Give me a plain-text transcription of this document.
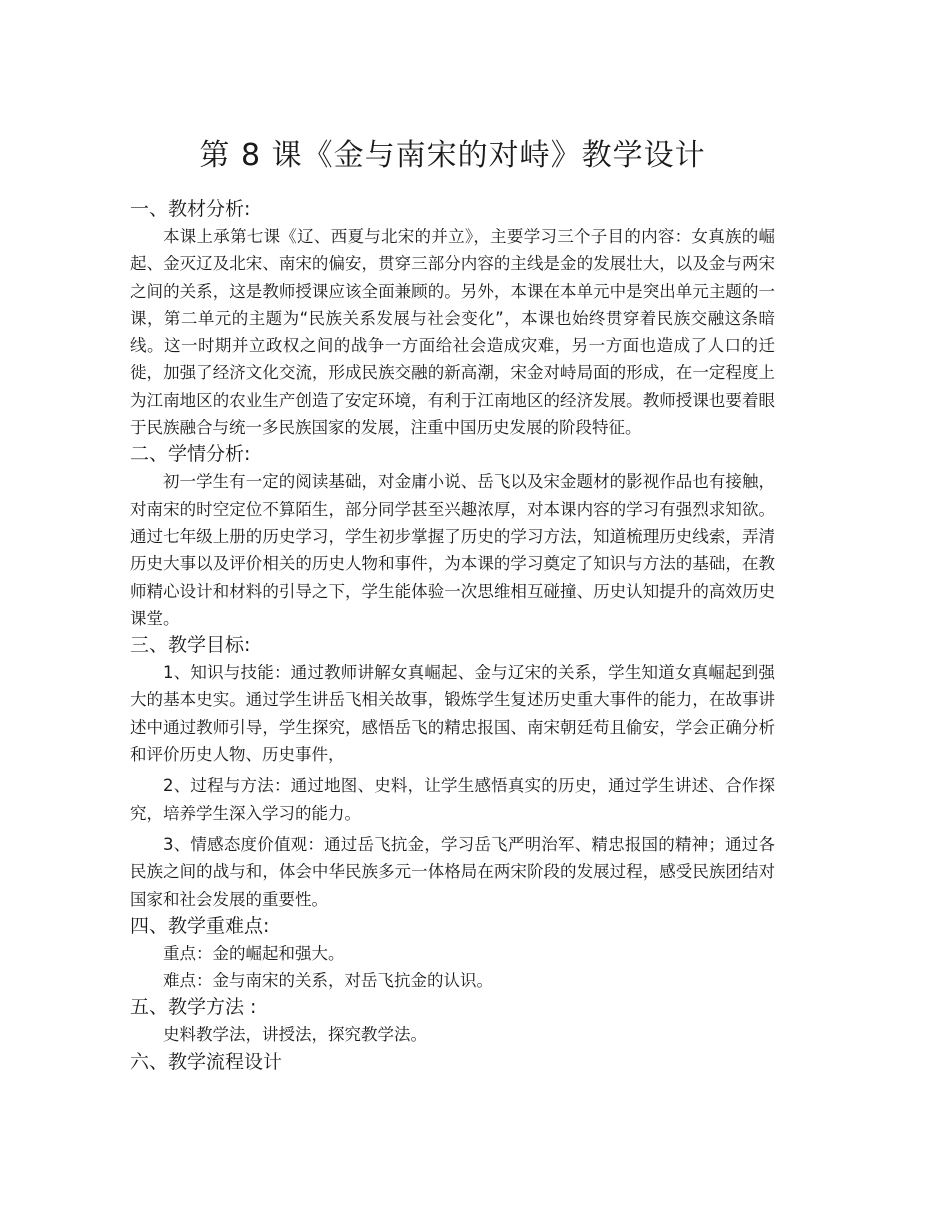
第 8 课《金与南宋的对峙》教学设计

一、教材分析:

本课上承第七课《辽、西夏与北宋的并立》，主要学习三个子目的内容：女真族的崛起、金灭辽及北宋、南宋的偏安，贯穿三部分内容的主线是金的发展壮大，以及金与两宋之间的关系，这是教师授课应该全面兼顾的。另外，本课在本单元中是突出单元主题的一课，第二单元的主题为“民族关系发展与社会变化”，本课也始终贯穿着民族交融这条暗线。这一时期并立政权之间的战争一方面给社会造成灾难，另一方面也造成了人口的迁徙，加强了经济文化交流，形成民族交融的新高潮，宋金对峙局面的形成，在一定程度上为江南地区的农业生产创造了安定环境，有利于江南地区的经济发展。教师授课也要着眼于民族融合与统一多民族国家的发展，注重中国历史发展的阶段特征。

二、学情分析:

初一学生有一定的阅读基础，对金庸小说、岳飞以及宋金题材的影视作品也有接触，对南宋的时空定位不算陌生，部分同学甚至兴趣浓厚，对本课内容的学习有强烈求知欲。通过七年级上册的历史学习，学生初步掌握了历史的学习方法，知道梳理历史线索，弄清历史大事以及评价相关的历史人物和事件，为本课的学习奠定了知识与方法的基础，在教师精心设计和材料的引导之下，学生能体验一次思维相互碰撞、历史认知提升的高效历史课堂。

三、教学目标:

1、知识与技能：通过教师讲解女真崛起、金与辽宋的关系，学生知道女真崛起到强大的基本史实。通过学生讲岳飞相关故事，锻炼学生复述历史重大事件的能力，在故事讲述中通过教师引导，学生探究，感悟岳飞的精忠报国、南宋朝廷苟且偷安，学会正确分析和评价历史人物、历史事件，

2、过程与方法：通过地图、史料，让学生感悟真实的历史，通过学生讲述、合作探究，培养学生深入学习的能力。

3、情感态度价值观：通过岳飞抗金，学习岳飞严明治军、精忠报国的精神；通过各民族之间的战与和，体会中华民族多元一体格局在两宋阶段的发展过程，感受民族团结对国家和社会发展的重要性。

四、教学重难点:

重点：金的崛起和强大。

难点：金与南宋的关系，对岳飞抗金的认识。

五、教学方法 :

史料教学法，讲授法，探究教学法。

六、教学流程设计
